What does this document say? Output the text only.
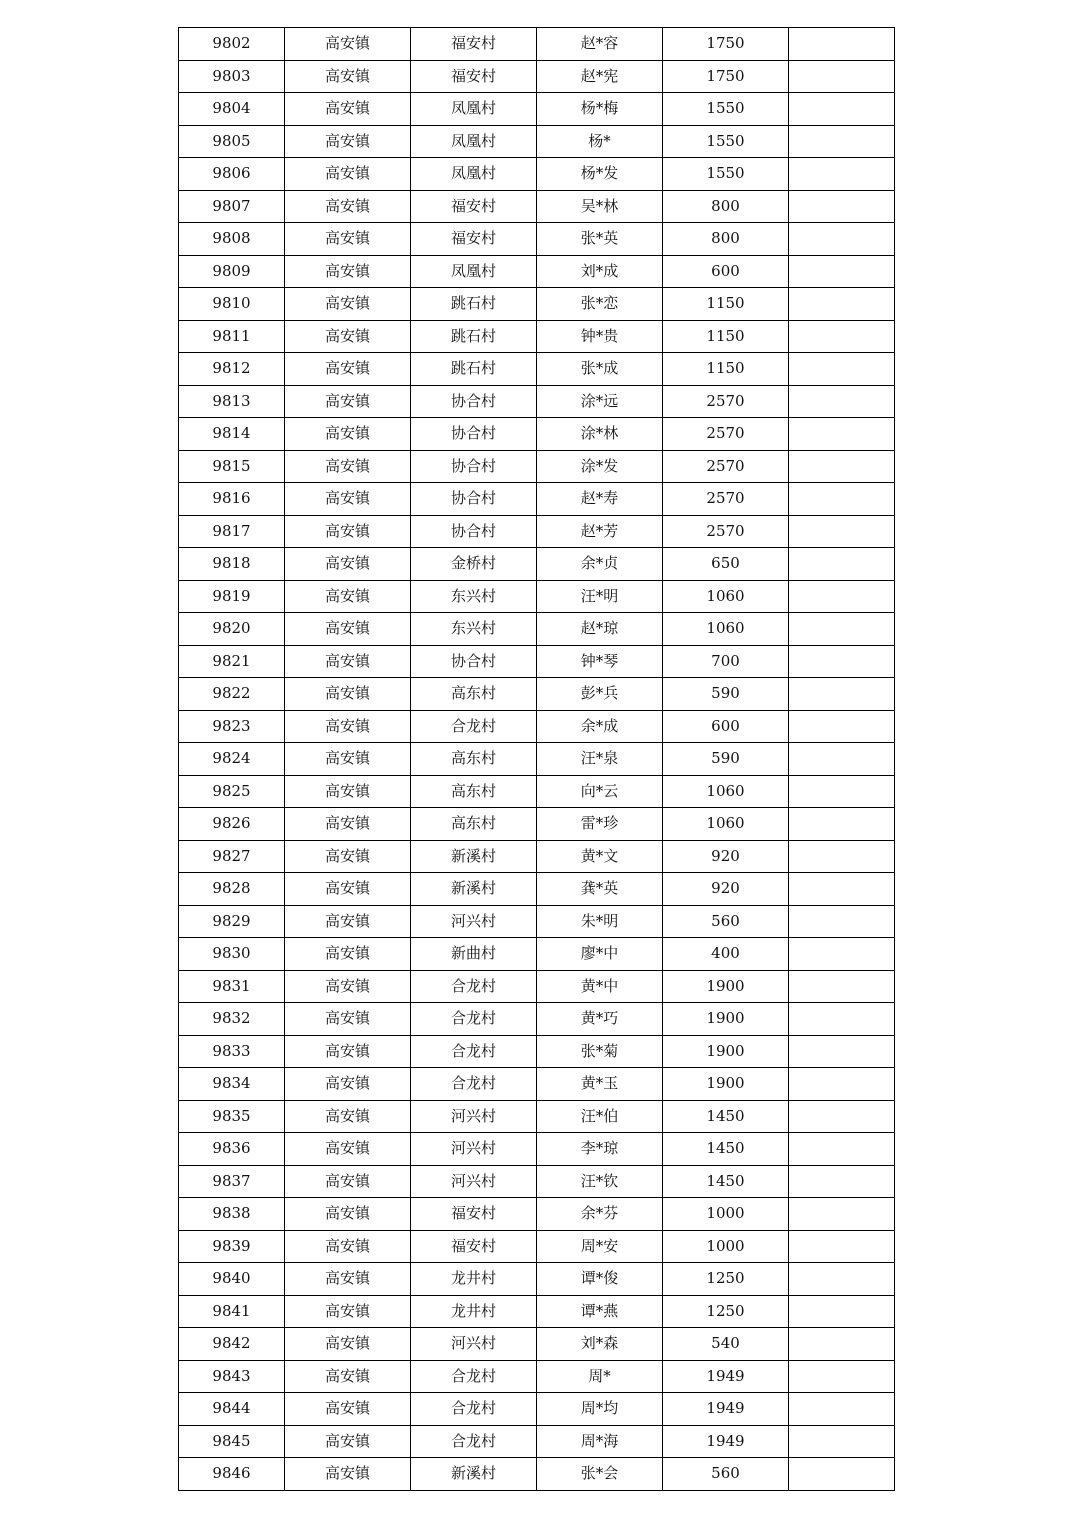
9802	高安镇	福安村	赵*容	1750	
9803	高安镇	福安村	赵*宪	1750	
9804	高安镇	凤凰村	杨*梅	1550	
9805	高安镇	凤凰村	杨*	1550	
9806	高安镇	凤凰村	杨*发	1550	
9807	高安镇	福安村	吴*林	800	
9808	高安镇	福安村	张*英	800	
9809	高安镇	凤凰村	刘*成	600	
9810	高安镇	跳石村	张*恋	1150	
9811	高安镇	跳石村	钟*贵	1150	
9812	高安镇	跳石村	张*成	1150	
9813	高安镇	协合村	涂*远	2570	
9814	高安镇	协合村	涂*林	2570	
9815	高安镇	协合村	涂*发	2570	
9816	高安镇	协合村	赵*寿	2570	
9817	高安镇	协合村	赵*芳	2570	
9818	高安镇	金桥村	余*贞	650	
9819	高安镇	东兴村	汪*明	1060	
9820	高安镇	东兴村	赵*琼	1060	
9821	高安镇	协合村	钟*琴	700	
9822	高安镇	高东村	彭*兵	590	
9823	高安镇	合龙村	余*成	600	
9824	高安镇	高东村	汪*泉	590	
9825	高安镇	高东村	向*云	1060	
9826	高安镇	高东村	雷*珍	1060	
9827	高安镇	新溪村	黄*文	920	
9828	高安镇	新溪村	龚*英	920	
9829	高安镇	河兴村	朱*明	560	
9830	高安镇	新曲村	廖*中	400	
9831	高安镇	合龙村	黄*中	1900	
9832	高安镇	合龙村	黄*巧	1900	
9833	高安镇	合龙村	张*菊	1900	
9834	高安镇	合龙村	黄*玉	1900	
9835	高安镇	河兴村	汪*伯	1450	
9836	高安镇	河兴村	李*琼	1450	
9837	高安镇	河兴村	汪*钦	1450	
9838	高安镇	福安村	余*芬	1000	
9839	高安镇	福安村	周*安	1000	
9840	高安镇	龙井村	谭*俊	1250	
9841	高安镇	龙井村	谭*燕	1250	
9842	高安镇	河兴村	刘*森	540	
9843	高安镇	合龙村	周*	1949	
9844	高安镇	合龙村	周*均	1949	
9845	高安镇	合龙村	周*海	1949	
9846	高安镇	新溪村	张*会	560	
